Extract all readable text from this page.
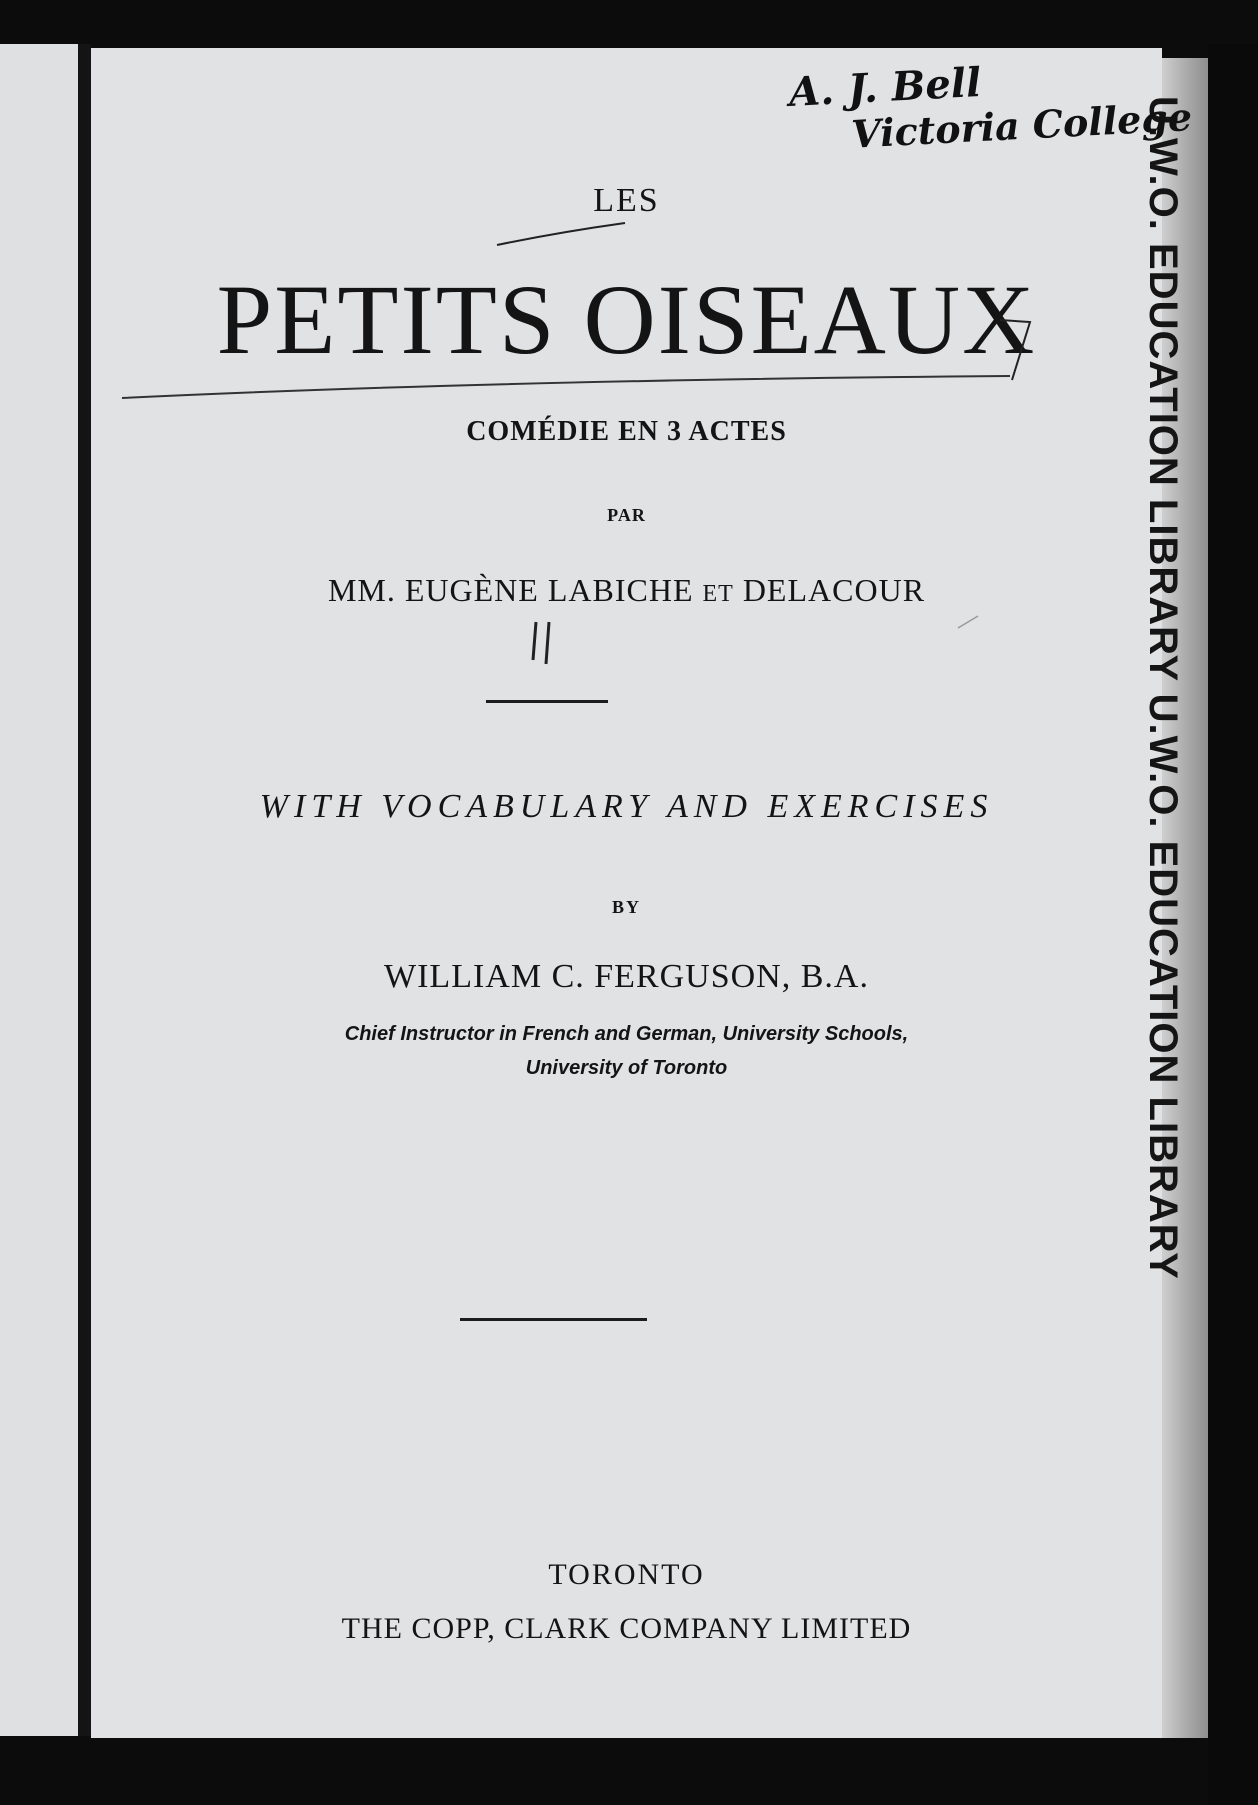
U.W.O. EDUCATION LIBRARY U.W.O. EDUCATION LIBRARY
A. J. Bell
Victoria College
LES
PETITS OISEAUX
COMÉDIE EN 3 ACTES
PAR
MM. EUGÈNE LABICHE ET DELACOUR
WITH VOCABULARY AND EXERCISES
BY
WILLIAM C. FERGUSON, B.A.
Chief Instructor in French and German, University Schools,
University of Toronto
TORONTO
THE COPP, CLARK COMPANY LIMITED
